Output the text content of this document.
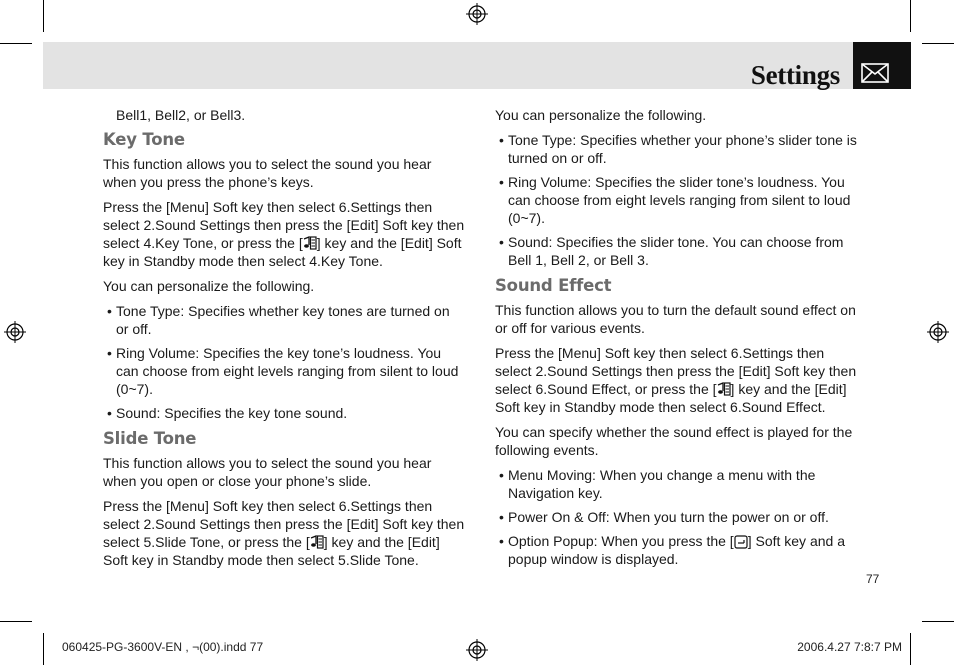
Settings

Bell1, Bell2, or Bell3.

Key Tone

This function allows you to select the sound you hear when you press the phone’s keys.

Press the [Menu] Soft key then select 6.Settings then select 2.Sound Settings then press the [Edit] Soft key then select 4.Key Tone, or press the [ ] key and the [Edit] Soft key in Standby mode then select 4.Key Tone.

You can personalize the following.

• Tone Type: Specifies whether key tones are turned on or off.
• Ring Volume: Specifies the key tone’s loudness. You can choose from eight levels ranging from silent to loud (0~7).
• Sound: Specifies the key tone sound.
Slide Tone

This function allows you to select the sound you hear when you open or close your phone’s slide.

Press the [Menu] Soft key then select 6.Settings then select 2.Sound Settings then press the [Edit] Soft key then select 5.Slide Tone, or press the [ ] key and the [Edit] Soft key in Standby mode then select 5.Slide Tone.

You can personalize the following.

• Tone Type: Specifies whether your phone’s slider tone is turned on or off.
• Ring Volume: Specifies the slider tone’s loudness. You can choose from eight levels ranging from silent to loud (0~7).
• Sound: Specifies the slider tone. You can choose from Bell 1, Bell 2, or Bell 3.
Sound Effect

This function allows you to turn the default sound effect on or off for various events.

Press the [Menu] Soft key then select 6.Settings then select 2.Sound Settings then press the [Edit] Soft key then select 6.Sound Effect, or press the [ ] key and the [Edit] Soft key in Standby mode then select 6.Sound Effect.

You can specify whether the sound effect is played for the following events.

• Menu Moving: When you change a menu with the Navigation key.
• Power On & Off: When you turn the power on or off.
• Option Popup: When you press the [ ] Soft key and a popup window is displayed.
77
060425-PG-3600V-EN , ¬(00).indd 77	2006.4.27 7:8:7 PM
